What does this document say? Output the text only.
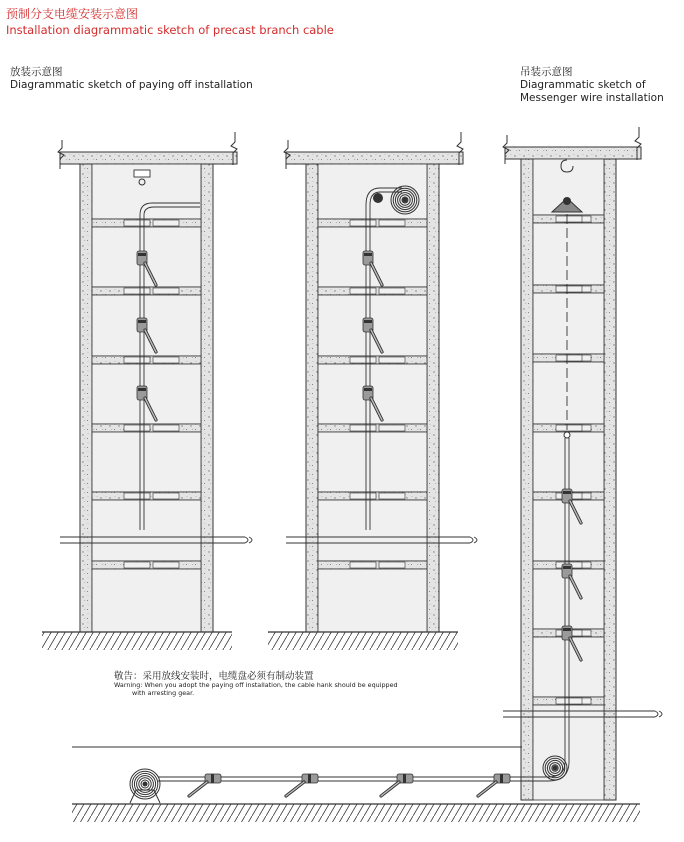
预制分支电缆安装示意图
Installation diagrammatic sketch of precast branch cable
放装示意图
Diagrammatic sketch of paying off installation
吊装示意图
Diagrammatic sketch of
Messenger wire installation
敬告：采用放线安装时，电缆盘必须有制动装置
Warning: When you adopt the paying off installation, the cable hank should be equipped
with arresting gear.
